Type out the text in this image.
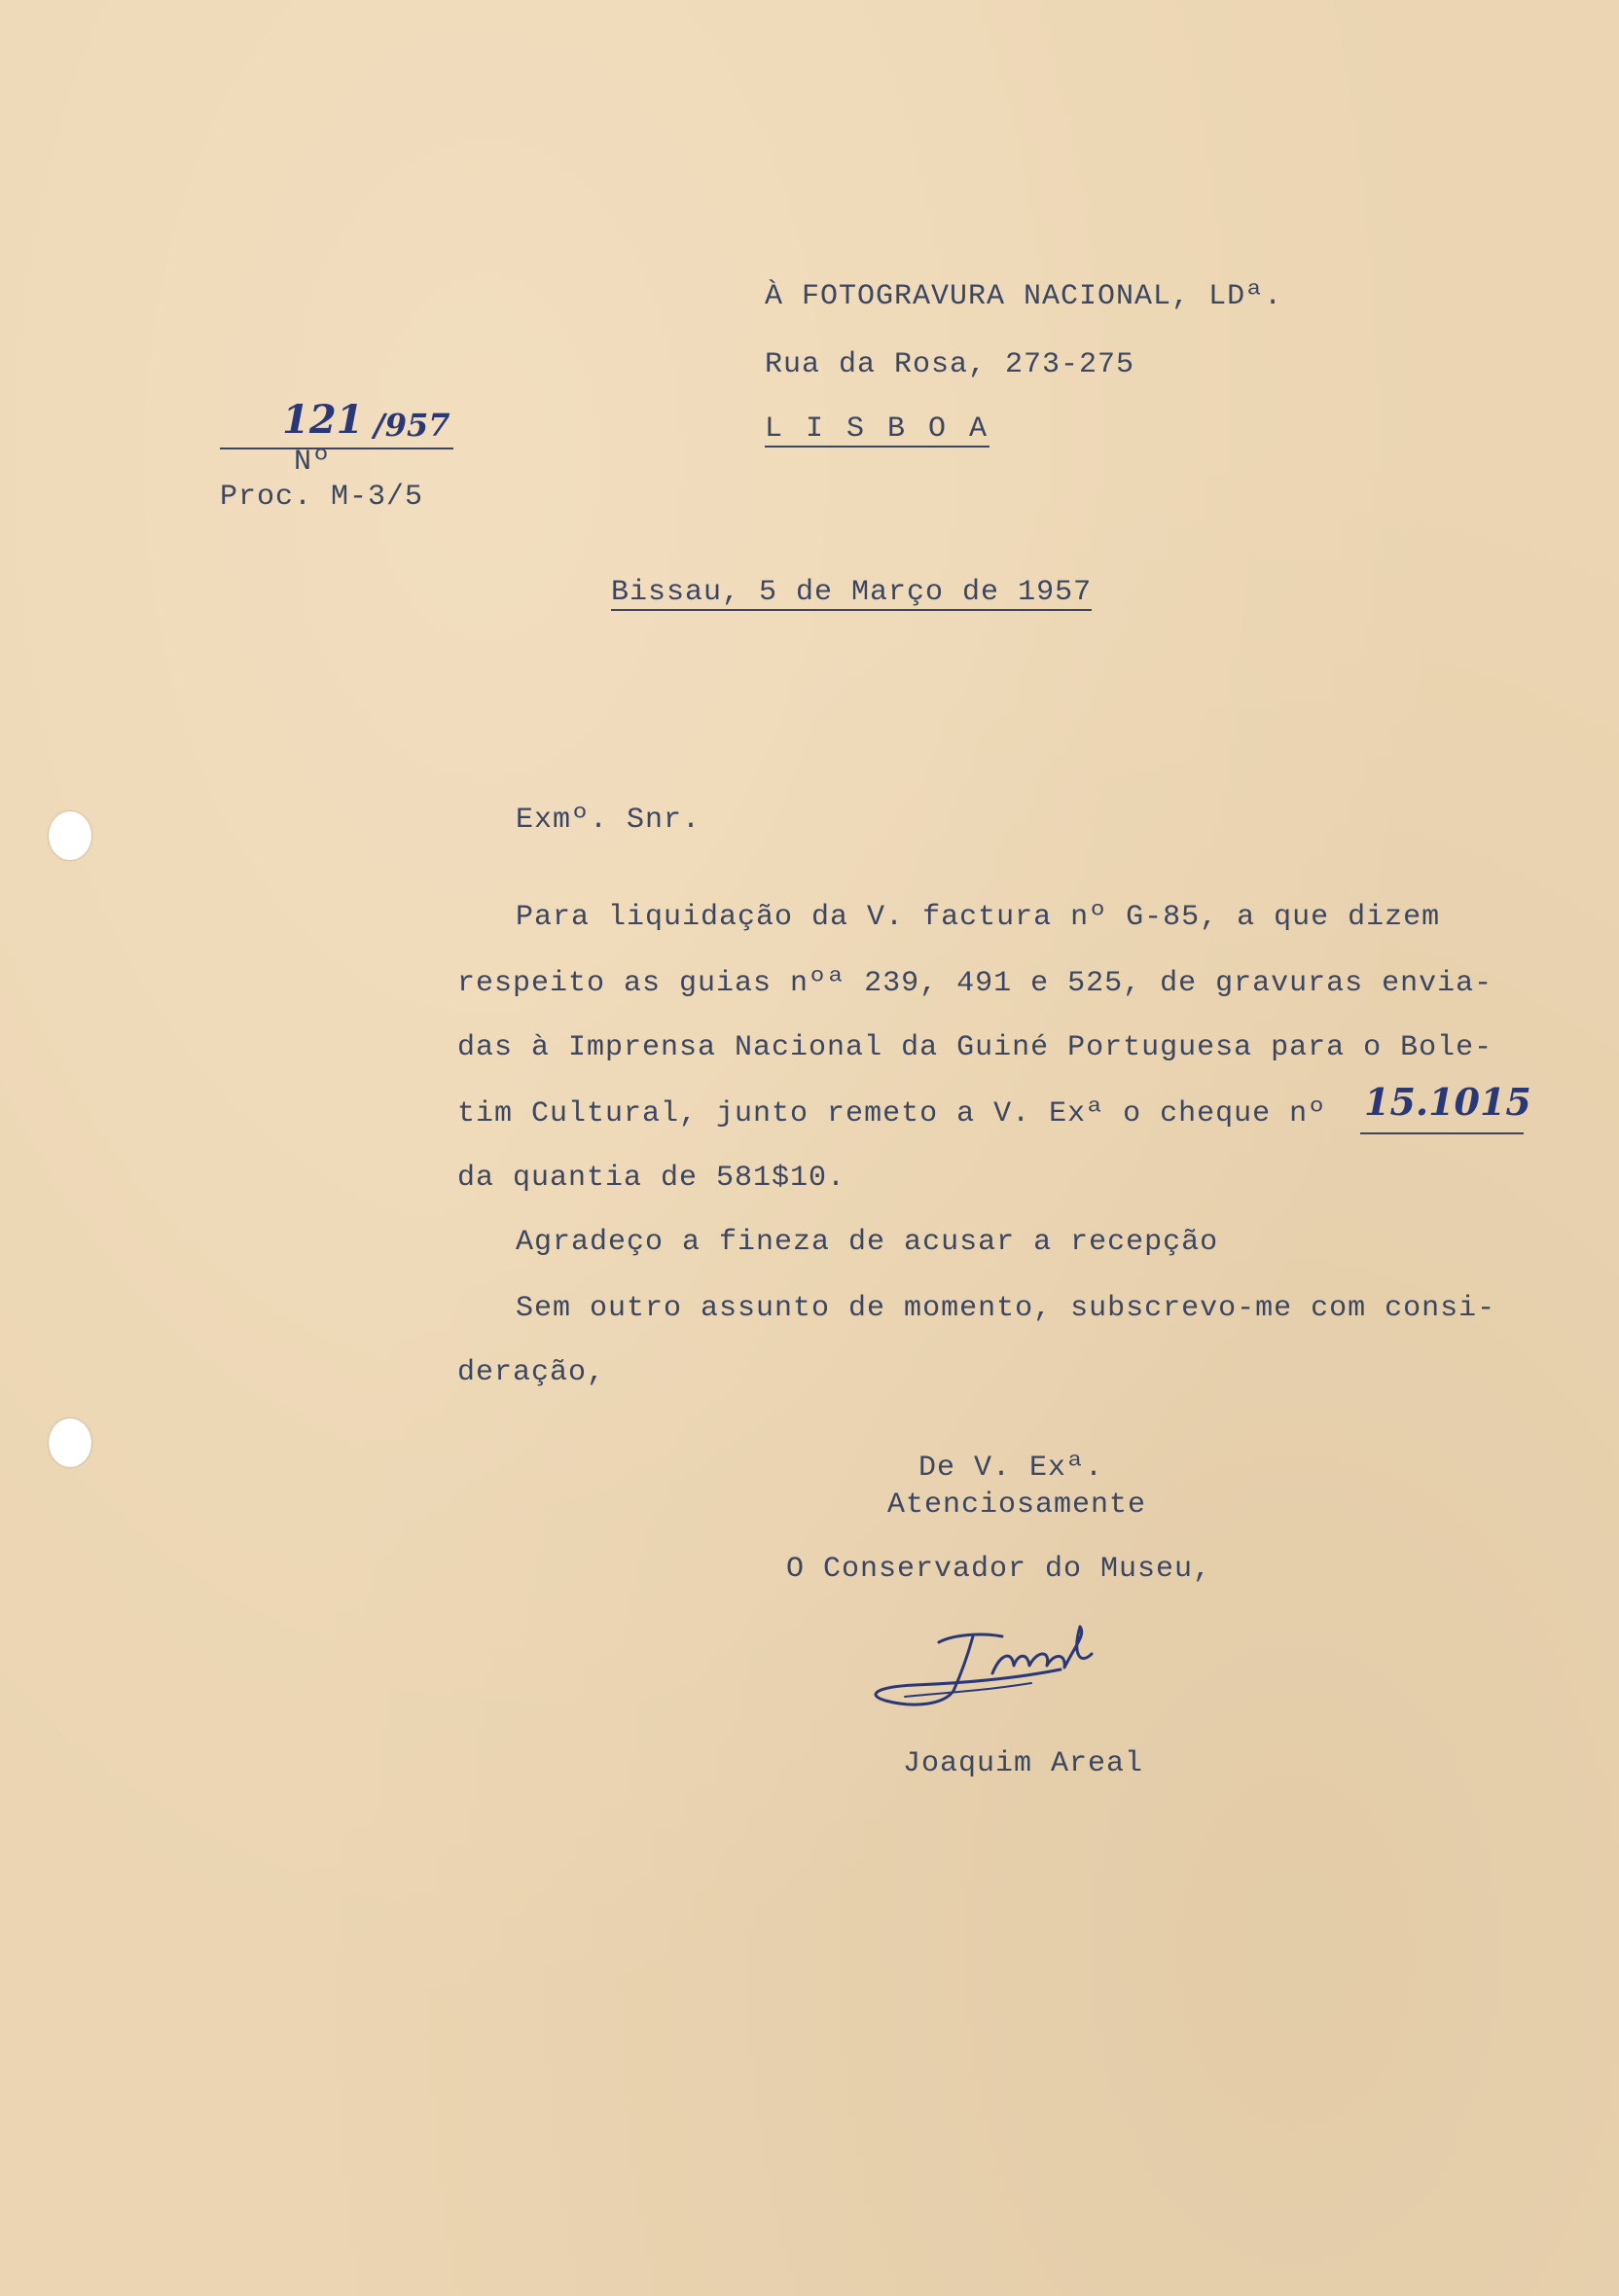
À FOTOGRAVURA NACIONAL, LDª.
Rua da Rosa, 273-275
L I S B O A

Nº

121 /957
Proc. M-3/5
Bissau, 5 de Março de 1957
Exmº. Snr.
Para liquidação da V. factura nº G-85, a que dizem
respeito as guias nºª 239, 491 e 525, de gravuras envia-
das à Imprensa Nacional da Guiné Portuguesa para o Bole-
tim Cultural, junto remeto a V. Exª o cheque nº 15.1015
da quantia de 581$10.
Agradeço a fineza de acusar a recepção
Sem outro assunto de momento, subscrevo-me com consi-
deração,
De V. Exª.
Atenciosamente
O Conservador do Museu,
Joaquim Areal
